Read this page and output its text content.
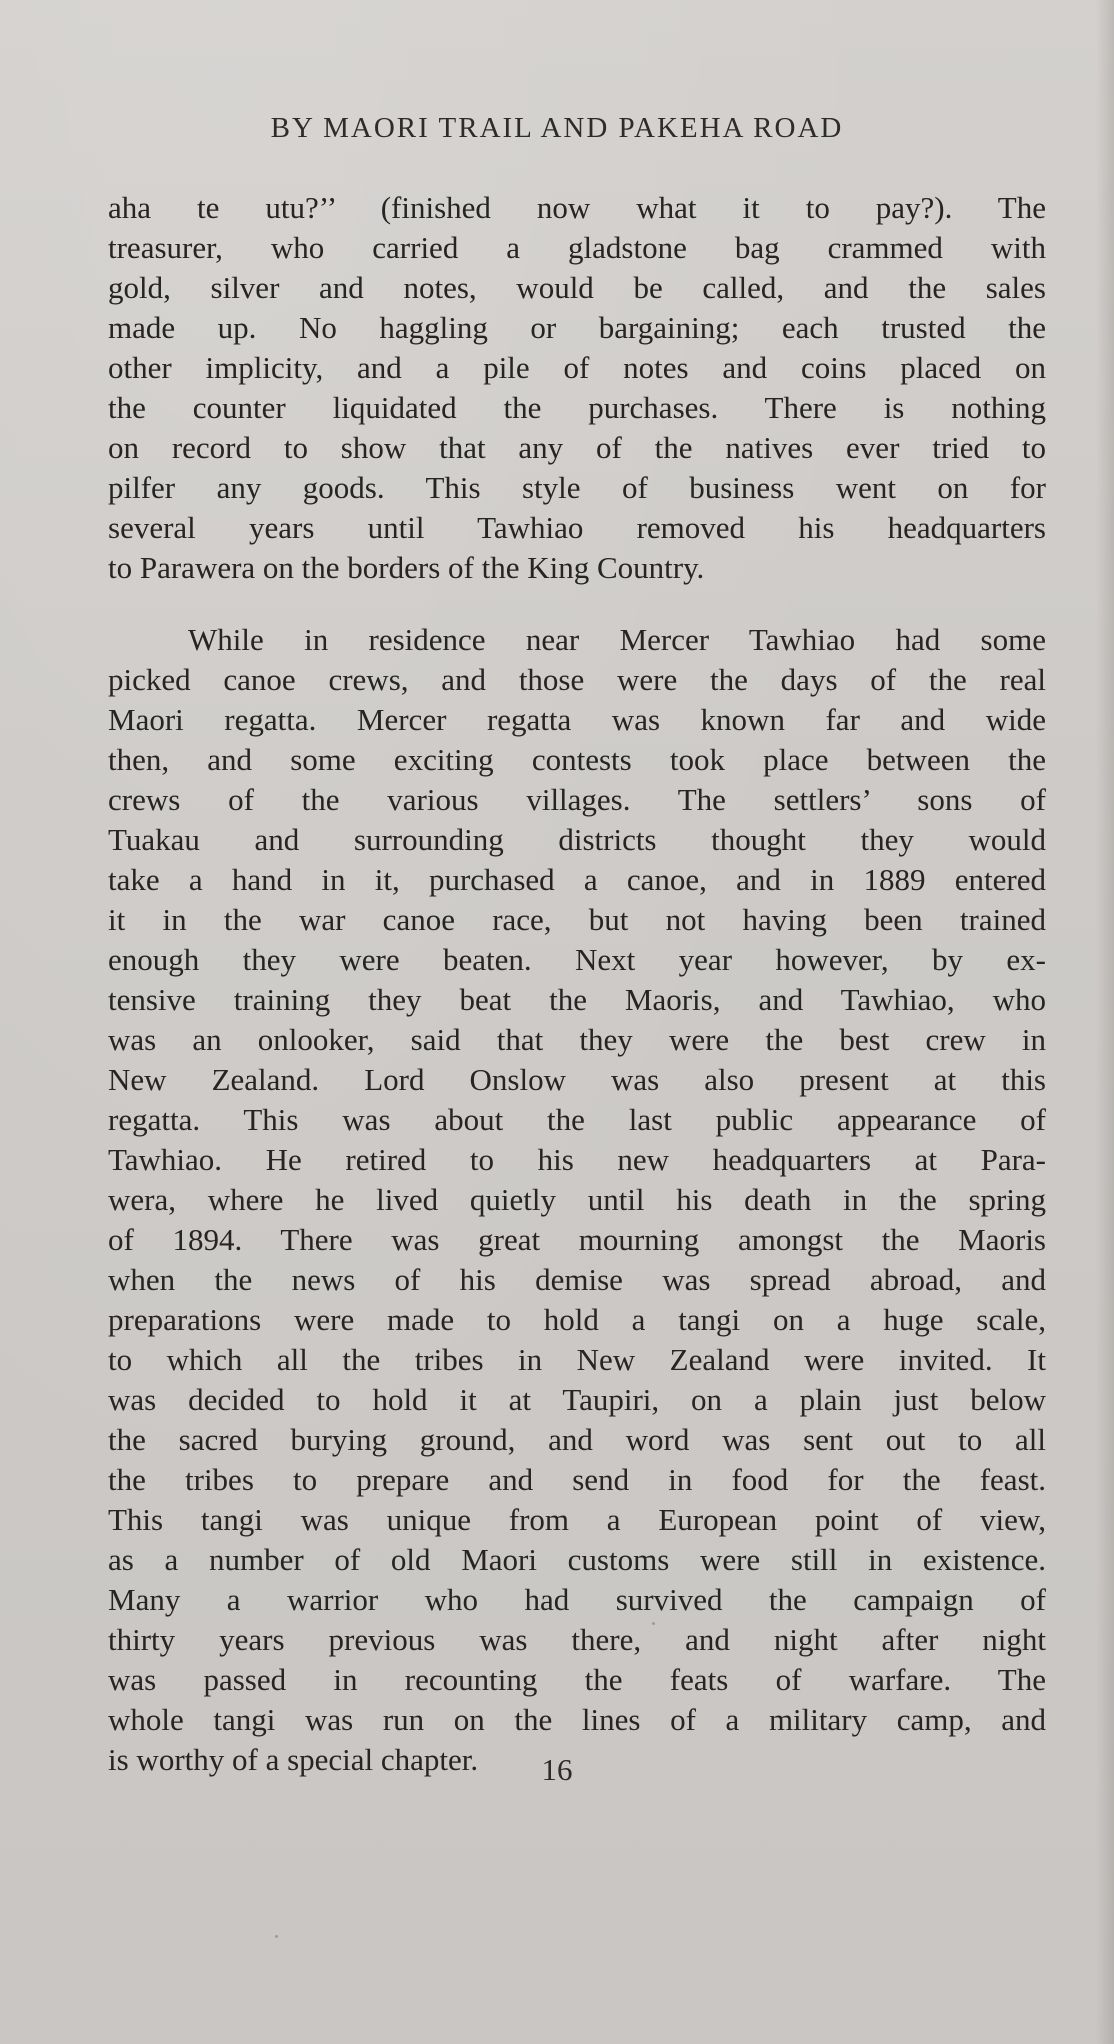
BY MAORI TRAIL AND PAKEHA ROAD
aha te utu?’’ (finished now what it to pay?). The
treasurer, who carried a gladstone bag crammed with
gold, silver and notes, would be called, and the sales
made up. No haggling or bargaining; each trusted the
other implicity, and a pile of notes and coins placed on
the counter liquidated the purchases. There is nothing
on record to show that any of the natives ever tried to
pilfer any goods. This style of business went on for
several years until Tawhiao removed his headquarters
to Parawera on the borders of the King Country.
While in residence near Mercer Tawhiao had some
picked canoe crews, and those were the days of the real
Maori regatta. Mercer regatta was known far and wide
then, and some exciting contests took place between the
crews of the various villages. The settlers’ sons of
Tuakau and surrounding districts thought they would
take a hand in it, purchased a canoe, and in 1889 entered
it in the war canoe race, but not having been trained
enough they were beaten. Next year however, by ex-
tensive training they beat the Maoris, and Tawhiao, who
was an onlooker, said that they were the best crew in
New Zealand. Lord Onslow was also present at this
regatta. This was about the last public appearance of
Tawhiao. He retired to his new headquarters at Para-
wera, where he lived quietly until his death in the spring
of 1894. There was great mourning amongst the Maoris
when the news of his demise was spread abroad, and
preparations were made to hold a tangi on a huge scale,
to which all the tribes in New Zealand were invited. It
was decided to hold it at Taupiri, on a plain just below
the sacred burying ground, and word was sent out to all
the tribes to prepare and send in food for the feast.
This tangi was unique from a European point of view,
as a number of old Maori customs were still in existence.
Many a warrior who had survived the campaign of
thirty years previous was there, and night after night
was passed in recounting the feats of warfare. The
whole tangi was run on the lines of a military camp, and
is worthy of a special chapter.	16
